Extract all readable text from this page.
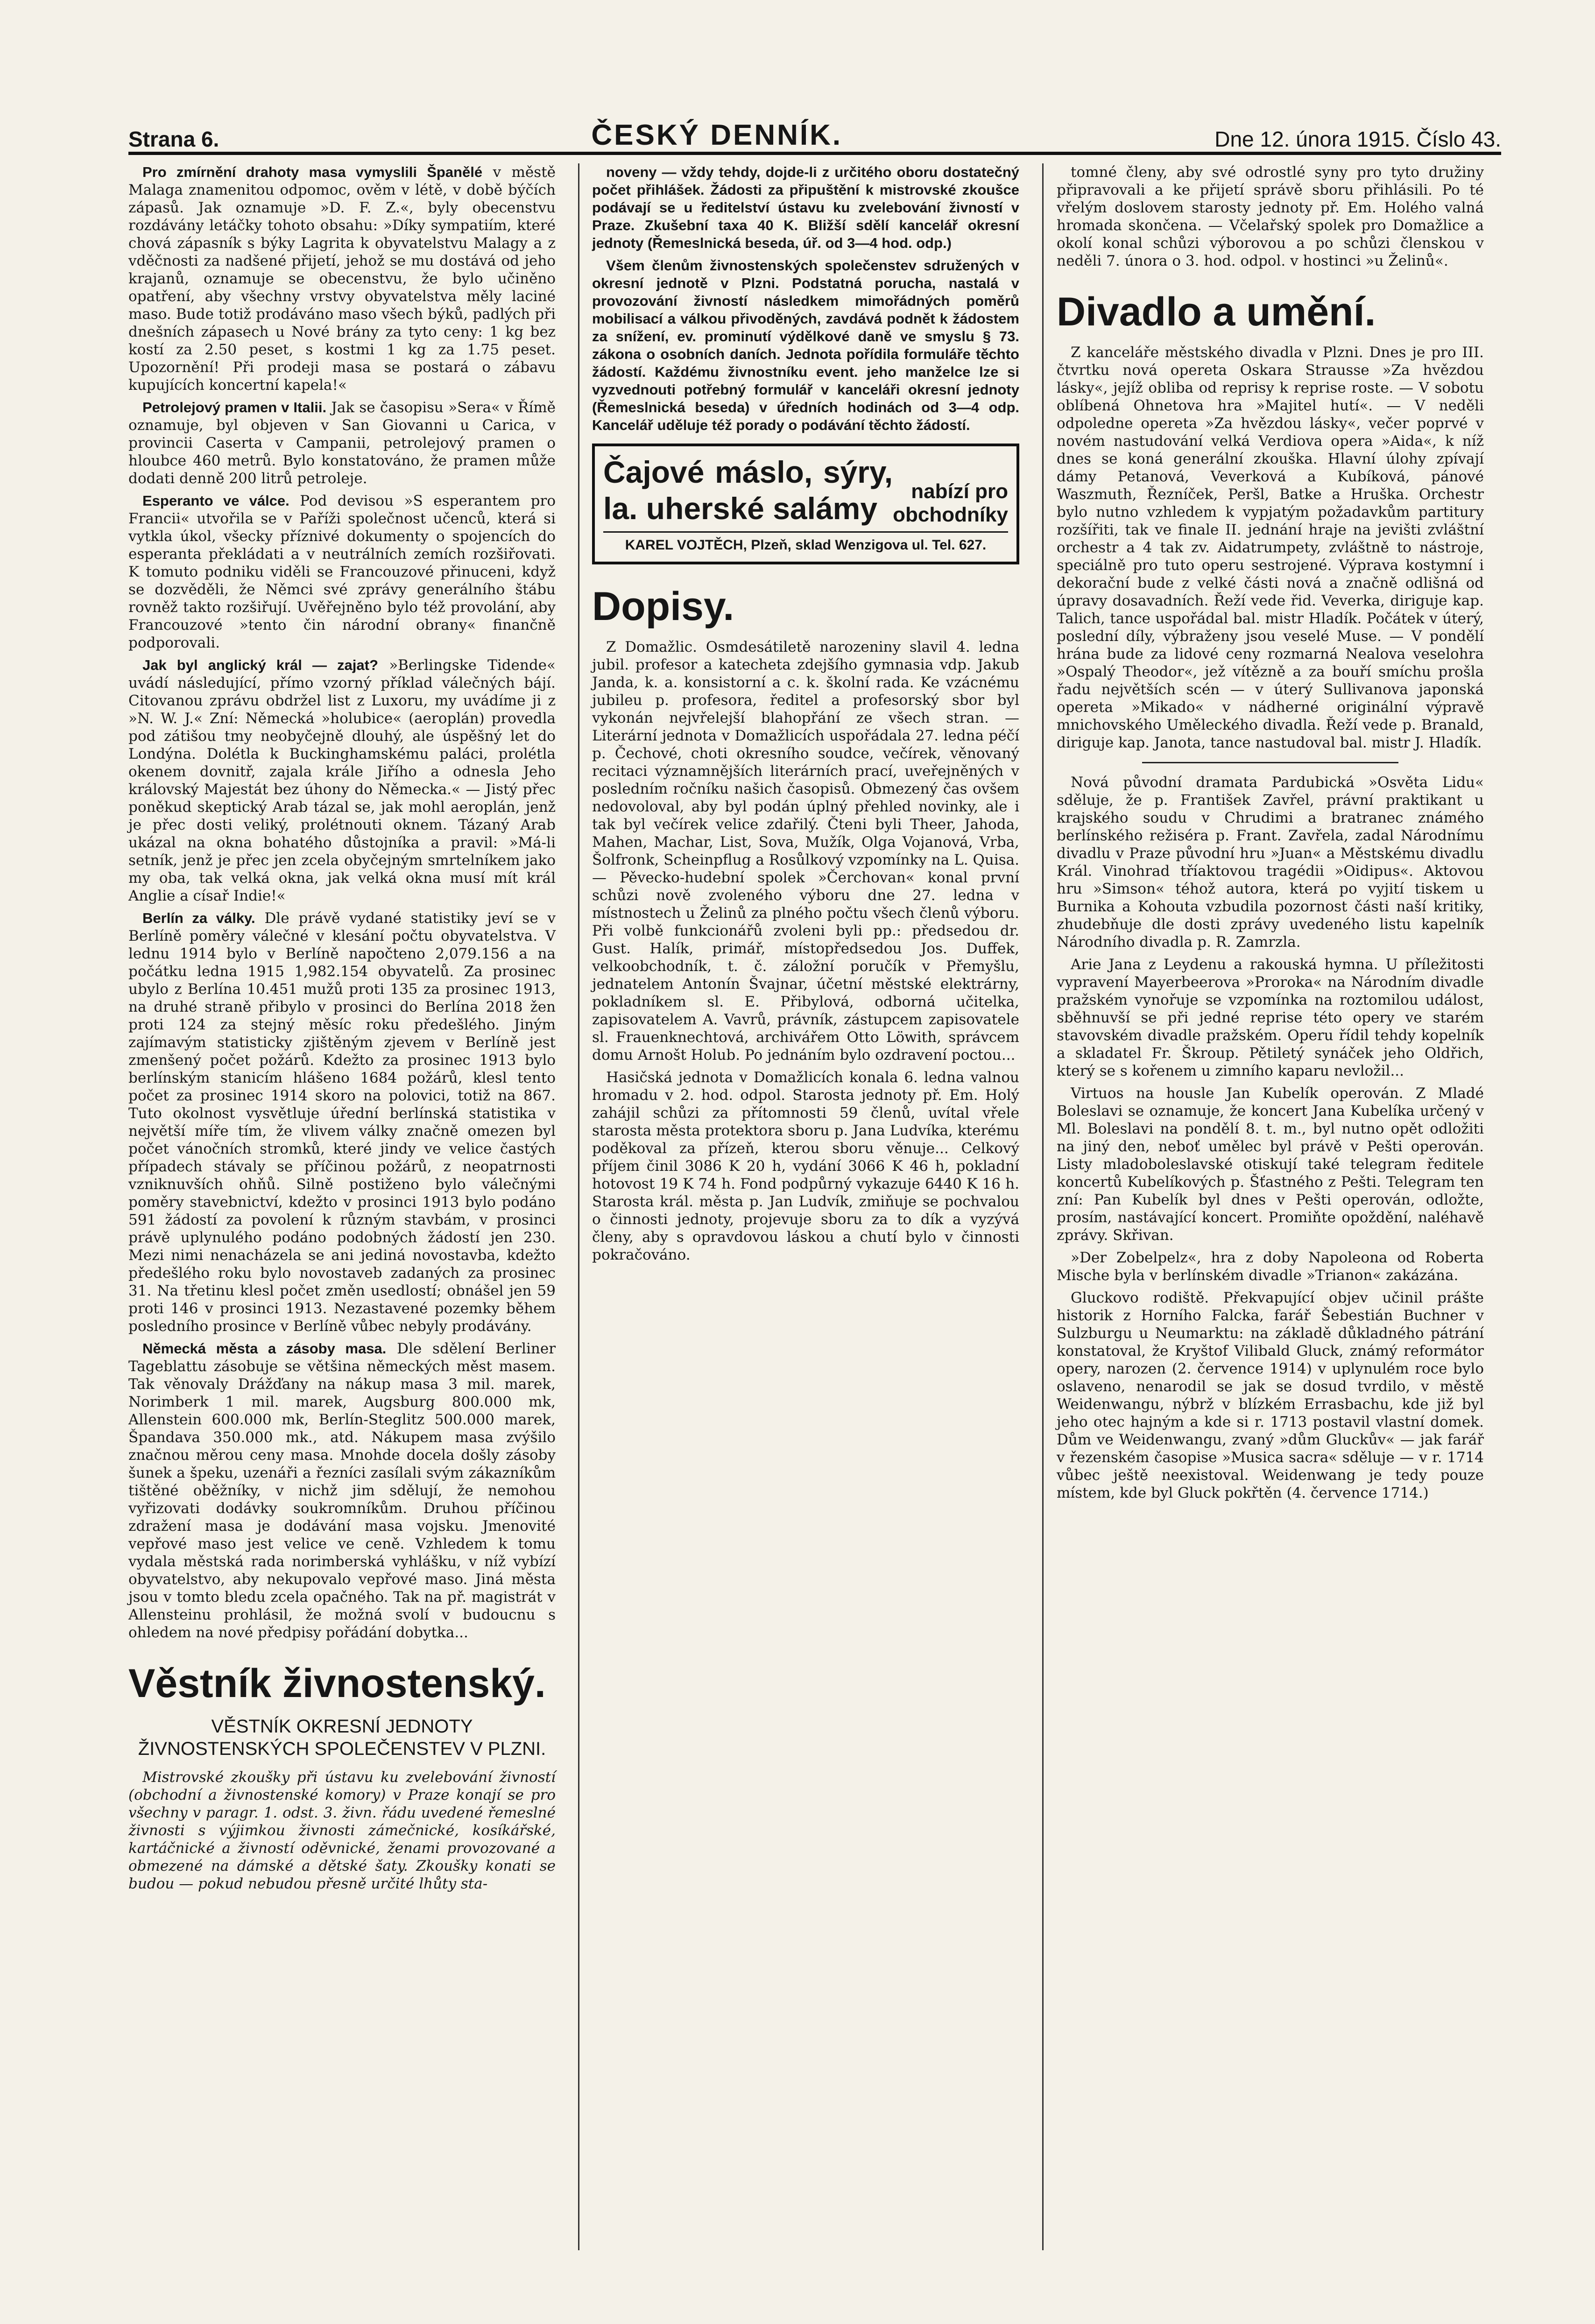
Strana 6.	ČESKÝ DENNÍK.	Dne 12. února 1915. Číslo 43.

Pro zmírnění drahoty masa vymyslili Španělé v městě Malaga znamenitou odpomoc, ověm v létě, v době býčích zápasů. Jak oznamuje »D. F. Z.«, byly obecenstvu rozdávány letáčky tohoto obsahu: »Díky sympatiím, které chová zápasník s býky Lagrita k obyvatelstvu Malagy a z vděčnosti za nadšené přijetí, jehož se mu dostává od jeho krajanů, oznamuje se obecenstvu, že bylo učiněno opatření, aby všechny vrstvy obyvatelstva měly laciné maso. Bude totiž prodáváno maso všech býků, padlých při dnešních zápasech u Nové brány za tyto ceny: 1 kg bez kostí za 2.50 peset, s kostmi 1 kg za 1.75 peset. Upozornění! Při prodeji masa se postará o zábavu kupujících koncertní kapela!«

Petrolejový pramen v Italii. Jak se časopisu »Sera« v Římě oznamuje, byl objeven v San Giovanni u Carica, v provincii Caserta v Campanii, petrolejový pramen o hloubce 460 metrů. Bylo konstatováno, že pramen může dodati denně 200 litrů petroleje.

Esperanto ve válce. Pod devisou »S esperantem pro Francii« utvořila se v Paříži společnost učenců, která si vytkla úkol, všecky příznivé dokumenty o spojencích do esperanta překládati a v neutrálních zemích rozšiřovati. K tomuto podniku viděli se Francouzové přinuceni, když se dozvěděli, že Němci své zprávy generálního štábu rovněž takto rozšiřují. Uvěřejněno bylo též provolání, aby Francouzové »tento čin národní obrany« finančně podporovali.

Jak byl anglický král — zajat? »Berlingske Tidende« uvádí následující, přímo vzorný příklad válečných bájí. Citovanou zprávu obdržel list z Luxoru, my uvádíme ji z »N. W. J.« Zní: Německá »holubice« (aeroplán) provedla pod zátišou tmy neobyčejně dlouhý, ale úspěšný let do Londýna. Dolétla k Buckinghamskému paláci, prolétla okenem dovnitř, zajala krále Jiřího a odnesla Jeho královský Majestát bez úhony do Německa.« — Jistý přec poněkud skeptický Arab tázal se, jak mohl aeroplán, jenž je přec dosti veliký, prolétnouti oknem. Tázaný Arab ukázal na okna bohatého důstojníka a pravil: »Má-li setník, jenž je přec jen zcela obyčejným smrtelníkem jako my oba, tak velká okna, jak velká okna musí mít král Anglie a císař Indie!«

Berlín za války. Dle právě vydané statistiky jeví se v Berlíně poměry válečné v klesání počtu obyvatelstva. V lednu 1914 bylo v Berlíně napočteno 2,079.156 a na počátku ledna 1915 1,982.154 obyvatelů. Za prosinec ubylo z Berlína 10.451 mužů proti 135 za prosinec 1913, na druhé straně přibylo v prosinci do Berlína 2018 žen proti 124 za stejný měsíc roku předešlého. Jiným zajímavým statisticky zjištěným zjevem v Berlíně jest zmenšený počet požárů. Kdežto za prosinec 1913 bylo berlínským stanicím hlášeno 1684 požárů, klesl tento počet za prosinec 1914 skoro na polovici, totiž na 867. Tuto okolnost vysvětluje úřední berlínská statistika v největší míře tím, že vlivem války značně omezen byl počet vánočních stromků, které jindy ve velice častých případech stávaly se příčinou požárů, z neopatrnosti vzniknuvších ohňů. Silně postiženo bylo válečnými poměry stavebnictví, kdežto v prosinci 1913 bylo podáno 591 žádostí za povolení k různým stavbám, v prosinci právě uplynulého podáno podobných žádostí jen 230. Mezi nimi nenacházela se ani jediná novostavba, kdežto předešlého roku bylo novostaveb zadaných za prosinec 31. Na třetinu klesl počet změn usedlostí; obnášel jen 59 proti 146 v prosinci 1913. Nezastavené pozemky během posledního prosince v Berlíně vůbec nebyly prodávány.

Německá města a zásoby masa. Dle sdělení Berliner Tageblattu zásobuje se většina německých měst masem. Tak věnovaly Drážďany na nákup masa 3 mil. marek, Norimberk 1 mil. marek, Augsburg 800.000 mk, Allenstein 600.000 mk, Berlín-Steglitz 500.000 marek, Špandava 350.000 mk., atd. Nákupem masa zvýšilo značnou měrou ceny masa. Mnohde docela došly zásoby šunek a špeku, uzenáři a řezníci zasílali svým zákazníkům tištěné oběžníky, v nichž jim sdělují, že nemohou vyřizovati dodávky soukromníkům. Druhou příčinou zdražení masa je dodávání masa vojsku. Jmenovité vepřové maso jest velice ve ceně. Vzhledem k tomu vydala městská rada norimberská vyhlášku, v níž vybízí obyvatelstvo, aby nekupovalo vepřové maso. Jiná města jsou v tomto bledu zcela opačného. Tak na př. magistrát v Allensteinu prohlásil, že možná svolí v budoucnu s ohledem na nové předpisy pořádání dobytka...

Věstník živnostenský.
VĚSTNÍK OKRESNÍ JEDNOTY ŽIVNOSTENSKÝCH SPOLEČENSTEV V PLZNI.

Mistrovské zkoušky při ústavu ku zvelebování živností (obchodní a živnostenské komory) v Praze konají se pro všechny v paragr. 1. odst. 3. živn. řádu uvedené řemeslné živnosti s výjimkou živnosti zámečnické, kosíkářské, kartáčnické a živností oděvnické, ženami provozované a obmezené na dámské a dětské šaty. Zkoušky konati se budou — pokud nebudou přesně určité lhůty sta-

noveny — vždy tehdy, dojde-li z určitého oboru dostatečný počet přihlášek. Žádosti za připuštění k mistrovské zkoušce podávají se u ředitelství ústavu ku zvelebování živností v Praze. Zkušební taxa 40 K. Bližší sdělí kancelář okresní jednoty (Řemeslnická beseda, úř. od 3—4 hod. odp.)

Všem členům živnostenských společenstev sdružených v okresní jednotě v Plzni. Podstatná porucha, nastalá v provozování živností následkem mimořádných poměrů mobilisací a válkou přivoděných, zavdává podnět k žádostem za snížení, ev. prominutí výdělkové daně ve smyslu § 73. zákona o osobních daních. Jednota pořídila formuláře těchto žádostí. Každému živnostníku event. jeho manželce lze si vyzvednouti potřebný formulář v kanceláři okresní jednoty (Řemeslnická beseda) v úředních hodinách od 3—4 odp. Kancelář uděluje též porady o podávání těchto žádostí.

Čajové máslo, sýry, la. uherské salámy	nabízí pro obchodníky
KAREL VOJTĚCH, Plzeň, sklad Wenzigova ul. Tel. 627.
Dopisy.

Z Domažlic. Osmdesátiletě narozeniny slavil 4. ledna jubil. profesor a katecheta zdejšího gymnasia vdp. Jakub Janda, k. a. konsistorní a c. k. školní rada. Ke vzácnému jubileu p. profesora, ředitel a profesorský sbor byl vykonán nejvřelejší blahopřání ze všech stran. — Literární jednota v Domažlicích uspořádala 27. ledna péčí p. Čechové, choti okresního soudce, večírek, věnovaný recitaci významnějších literárních prací, uveřejněných v posledním ročníku našich časopisů. Obmezený čas ovšem nedovoloval, aby byl podán úplný přehled novinky, ale i tak byl večírek velice zdařilý. Čteni byli Theer, Jahoda, Mahen, Machar, List, Sova, Mužík, Olga Vojanová, Vrba, Šolfronk, Scheinpflug a Rosůlkový vzpomínky na L. Quisa. — Pěvecko-hudební spolek »Čerchovan« konal první schůzi nově zvoleného výboru dne 27. ledna v místnostech u Želinů za plného počtu všech členů výboru. Při volbě funkcionářů zvoleni byli pp.: předsedou dr. Gust. Halík, primář, místopředsedou Jos. Duffek, velkoobchodník, t. č. záložní poručík v Přemyšlu, jednatelem Antonín Švajnar, účetní městské elektrárny, pokladníkem sl. E. Přibylová, odborná učitelka, zapisovatelem A. Vavrů, právník, zástupcem zapisovatele sl. Frauenknechtová, archivářem Otto Löwith, správcem domu Arnošt Holub. Po jednáním bylo ozdravení poctou...

Hasičská jednota v Domažlicích konala 6. ledna valnou hromadu v 2. hod. odpol. Starosta jednoty př. Em. Holý zahájil schůzi za přítomnosti 59 členů, uvítal vřele starosta města protektora sboru p. Jana Ludvíka, kterému poděkoval za přízeň, kterou sboru věnuje... Celkový příjem činil 3086 K 20 h, vydání 3066 K 46 h, pokladní hotovost 19 K 74 h. Fond podpůrný vykazuje 6440 K 16 h. Starosta král. města p. Jan Ludvík, zmiňuje se pochvalou o činnosti jednoty, projevuje sboru za to dík a vyzývá členy, aby s opravdovou láskou a chutí bylo v činnosti pokračováno.

tomné členy, aby své odrostlé syny pro tyto družiny připravovali a ke přijetí správě sboru přihlásili. Po té vřelým doslovem starosty jednoty př. Em. Holého valná hromada skončena. — Včelařský spolek pro Domažlice a okolí konal schůzi výborovou a po schůzi členskou v neděli 7. února o 3. hod. odpol. v hostinci »u Želinů«.

Divadlo a umění.

Z kanceláře městského divadla v Plzni. Dnes je pro III. čtvrtku nová opereta Oskara Strausse »Za hvězdou lásky«, jejíž obliba od reprisy k reprise roste. — V sobotu oblíbená Ohnetova hra »Majitel hutí«. — V neděli odpoledne opereta »Za hvězdou lásky«, večer poprvé v novém nastudování velká Verdiova opera »Aida«, k níž dnes se koná generální zkouška. Hlavní úlohy zpívají dámy Petanová, Veverková a Kubíková, pánové Waszmuth, Řezníček, Peršl, Batke a Hruška. Orchestr bylo nutno vzhledem k vypjatým požadavkům partitury rozšířiti, tak ve finale II. jednání hraje na jevišti zvláštní orchestr a 4 tak zv. Aidatrumpety, zvláštně to nástroje, speciálně pro tuto operu sestrojené. Výprava kostymní i dekorační bude z velké části nová a značně odlišná od úpravy dosavadních. Řeží vede řid. Veverka, diriguje kap. Talich, tance uspořádal bal. mistr Hladík. Počátek v úterý, poslední díly, výbraženy jsou veselé Muse. — V pondělí hrána bude za lidové ceny rozmarná Nealova veselohra »Ospalý Theodor«, jež vítězně a za bouří smíchu prošla řadu největších scén — v úterý Sullivanova japonská opereta »Mikado« v nádherné originální výpravě mnichovského Uměleckého divadla. Řeží vede p. Branald, diriguje kap. Janota, tance nastudoval bal. mistr J. Hladík.

Nová původní dramata Pardubická »Osvěta Lidu« sděluje, že p. František Zavřel, právní praktikant u krajského soudu v Chrudimi a bratranec známého berlínského režiséra p. Frant. Zavřela, zadal Národnímu divadlu v Praze původní hru »Juan« a Městskému divadlu Král. Vinohrad tříaktovou tragédii »Oidipus«. Aktovou hru »Simson« téhož autora, která po vyjití tiskem u Burnika a Kohouta vzbudila pozornost části naší kritiky, zhudebňuje dle dosti zprávy uvedeného listu kapelník Národního divadla p. R. Zamrzla.

Arie Jana z Leydenu a rakouská hymna. U příležitosti vypravení Mayerbeerova »Proroka« na Národním divadle pražském vynořuje se vzpomínka na roztomilou událost, sběhnuvší se při jedné reprise této opery ve starém stavovském divadle pražském. Operu řídil tehdy kopelník a skladatel Fr. Škroup. Pětiletý synáček jeho Oldřich, který se s kořenem u zimního kaparu nevložil...

Virtuos na housle Jan Kubelík operován. Z Mladé Boleslavi se oznamuje, že koncert Jana Kubelíka určený v Ml. Boleslavi na pondělí 8. t. m., byl nutno opět odložiti na jiný den, neboť umělec byl právě v Pešti operován. Listy mladoboleslavské otiskují také telegram ředitele koncertů Kubelíkových p. Šťastného z Pešti. Telegram ten zní: Pan Kubelík byl dnes v Pešti operován, odložte, prosím, nastávající koncert. Promiňte opoždění, naléhavě zprávy. Skřivan.

»Der Zobelpelz«, hra z doby Napoleona od Roberta Mische byla v berlínském divadle »Trianon« zakázána.

Gluckovo rodiště. Překvapující objev učinil prášte historik z Horního Falcka, farář Šebestián Buchner v Sulzburgu u Neumarktu: na základě důkladného pátrání konstatoval, že Kryštof Vilibald Gluck, známý reformátor opery, narozen (2. července 1914) v uplynulém roce bylo oslaveno, nenarodil se jak se dosud tvrdilo, v městě Weidenwangu, nýbrž v blízkém Errasbachu, kde již byl jeho otec hajným a kde si r. 1713 postavil vlastní domek. Dům ve Weidenwangu, zvaný »dům Gluckův« — jak farář v řezenském časopise »Musica sacra« sděluje — v r. 1714 vůbec ještě neexistoval. Weidenwang je tedy pouze místem, kde byl Gluck pokřtěn (4. července 1714.)
